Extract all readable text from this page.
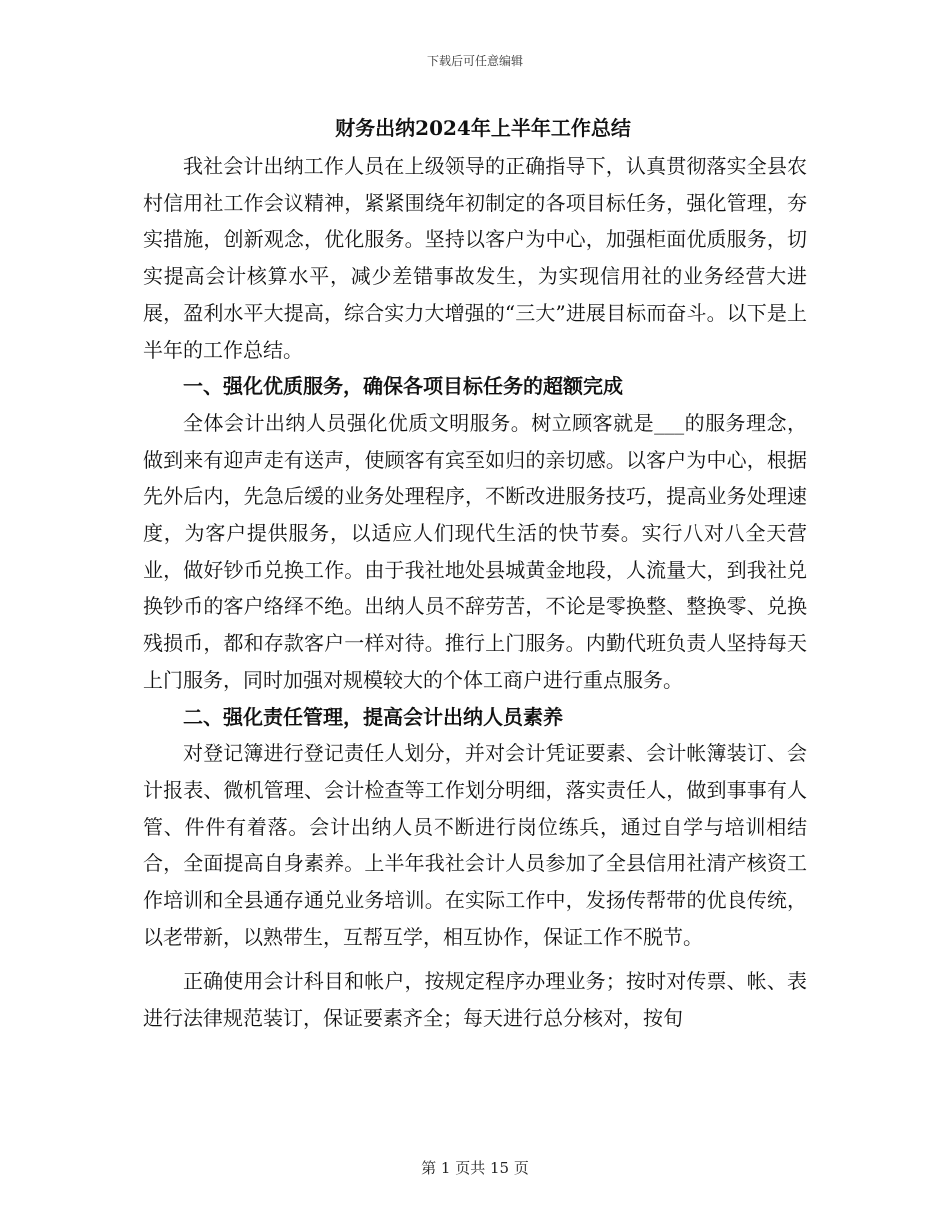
下载后可任意编辑
财务出纳2024年上半年工作总结

我社会计出纳工作人员在上级领导的正确指导下，认真贯彻落实全县农村信用社工作会议精神，紧紧围绕年初制定的各项目标任务，强化管理，夯实措施，创新观念，优化服务。坚持以客户为中心，加强柜面优质服务，切实提高会计核算水平，减少差错事故发生，为实现信用社的业务经营大进展，盈利水平大提高，综合实力大增强的“三大”进展目标而奋斗。以下是上半年的工作总结。

一、强化优质服务，确保各项目标任务的超额完成

全体会计出纳人员强化优质文明服务。树立顾客就是___的服务理念，做到来有迎声走有送声，使顾客有宾至如归的亲切感。以客户为中心，根据先外后内，先急后缓的业务处理程序，不断改进服务技巧，提高业务处理速度，为客户提供服务，以适应人们现代生活的快节奏。实行八对八全天营业，做好钞币兑换工作。由于我社地处县城黄金地段，人流量大，到我社兑换钞币的客户络绎不绝。出纳人员不辞劳苦，不论是零换整、整换零、兑换残损币，都和存款客户一样对待。推行上门服务。内勤代班负责人坚持每天上门服务，同时加强对规模较大的个体工商户进行重点服务。

二、强化责任管理，提高会计出纳人员素养

对登记簿进行登记责任人划分，并对会计凭证要素、会计帐簿装订、会计报表、微机管理、会计检查等工作划分明细，落实责任人，做到事事有人管、件件有着落。会计出纳人员不断进行岗位练兵，通过自学与培训相结合，全面提高自身素养。上半年我社会计人员参加了全县信用社清产核资工作培训和全县通存通兑业务培训。在实际工作中，发扬传帮带的优良传统，以老带新，以熟带生，互帮互学，相互协作，保证工作不脱节。

正确使用会计科目和帐户，按规定程序办理业务；按时对传票、帐、表进行法律规范装订，保证要素齐全；每天进行总分核对，按旬

第 1 页共 15 页
